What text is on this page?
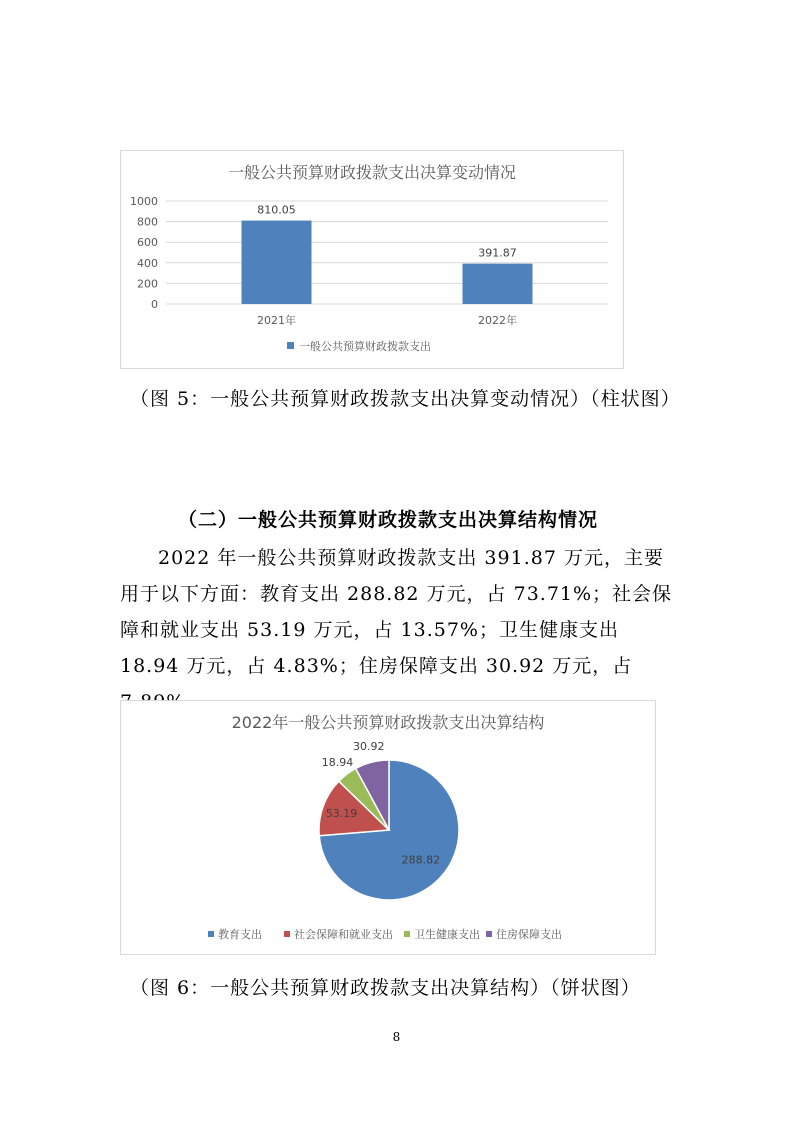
一般公共预算财政拨款支出决算变动情况
0
200
400
600
800
1000
810.05
2021年
391.87
2022年
一般公共预算财政拨款支出
（图 5：一般公共预算财政拨款支出决算变动情况）（柱状图）
（二）一般公共预算财政拨款支出决算结构情况
2022 年一般公共预算财政拨款支出 391.87 万元，主要用于以下方面：教育支出 288.82 万元，占 73.71%；社会保障和就业支出 53.19 万元，占 13.57%；卫生健康支出 18.94 万元，占 4.83%；住房保障支出 30.92 万元，占
2022年一般公共预算财政拨款支出决算结构
288.82
53.19
18.94
30.92
教育支出	社会保障和就业支出 卫生健康支出 住房保障支出
（图 6：一般公共预算财政拨款支出决算结构）（饼状图）
8
